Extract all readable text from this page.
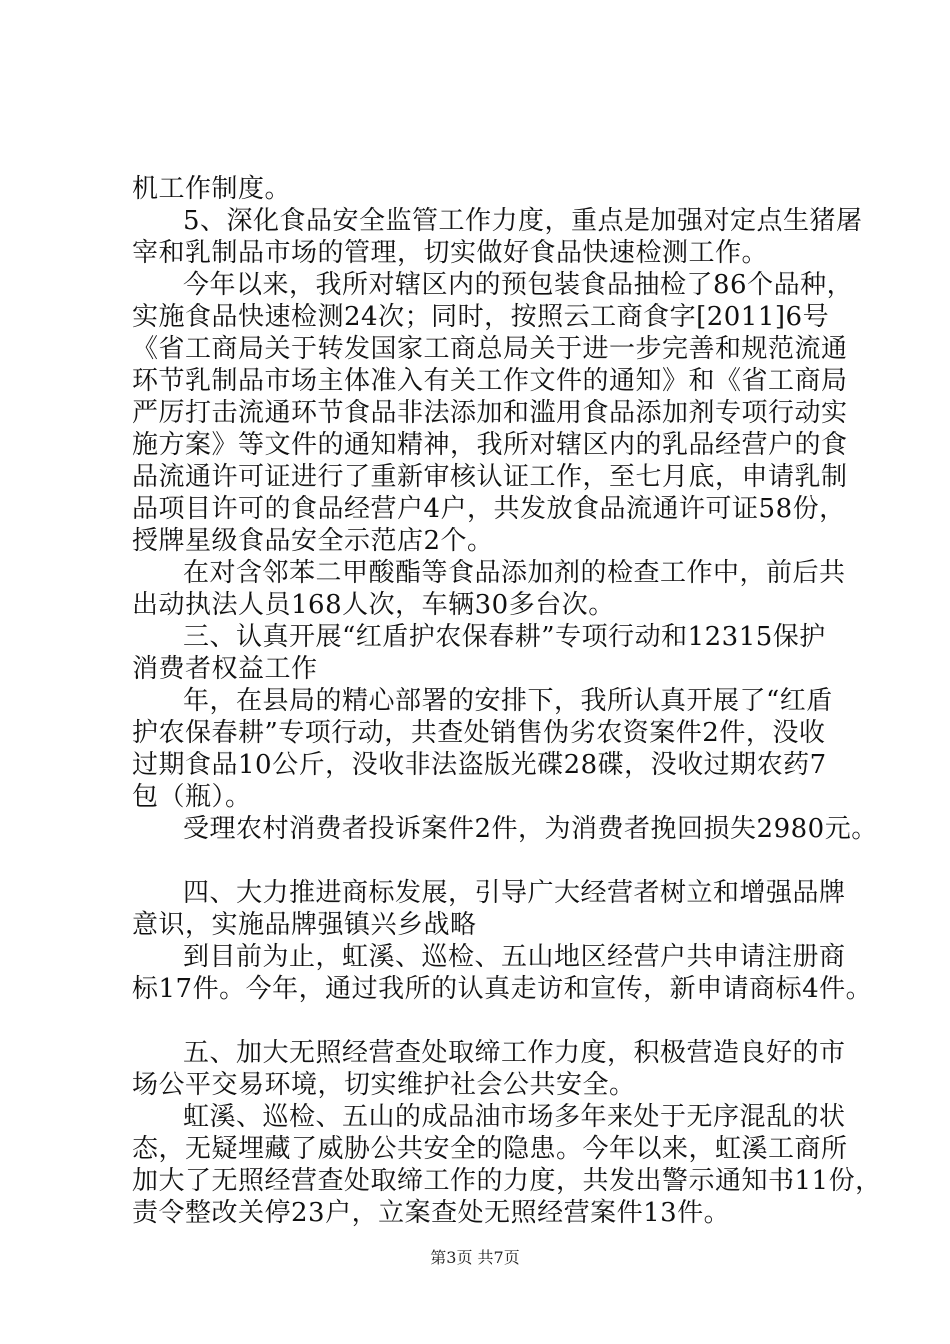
机工作制度。
5、深化食品安全监管工作力度，重点是加强对定点生猪屠
宰和乳制品市场的管理，切实做好食品快速检测工作。
今年以来，我所对辖区内的预包装食品抽检了86个品种，
实施食品快速检测24次；同时，按照云工商食字[2011]6号
《省工商局关于转发国家工商总局关于进一步完善和规范流通
环节乳制品市场主体准入有关工作文件的通知》和《省工商局
严厉打击流通环节食品非法添加和滥用食品添加剂专项行动实
施方案》等文件的通知精神，我所对辖区内的乳品经营户的食
品流通许可证进行了重新审核认证工作，至七月底，申请乳制
品项目许可的食品经营户4户，共发放食品流通许可证58份，
授牌星级食品安全示范店2个。
在对含邻苯二甲酸酯等食品添加剂的检查工作中，前后共
出动执法人员168人次，车辆30多台次。
三、认真开展“红盾护农保春耕”专项行动和12315保护
消费者权益工作
年，在县局的精心部署的安排下，我所认真开展了“红盾
护农保春耕”专项行动，共查处销售伪劣农资案件2件，没收
过期食品10公斤，没收非法盗版光碟28碟，没收过期农药7
包（瓶）。
受理农村消费者投诉案件2件，为消费者挽回损失2980元。
四、大力推进商标发展，引导广大经营者树立和增强品牌
意识，实施品牌强镇兴乡战略
到目前为止，虹溪、巡检、五山地区经营户共申请注册商
标17件。今年，通过我所的认真走访和宣传，新申请商标4件。
五、加大无照经营查处取缔工作力度，积极营造良好的市
场公平交易环境，切实维护社会公共安全。
虹溪、巡检、五山的成品油市场多年来处于无序混乱的状
态，无疑埋藏了威胁公共安全的隐患。今年以来，虹溪工商所
加大了无照经营查处取缔工作的力度，共发出警示通知书11份，
责令整改关停23户，立案查处无照经营案件13件。
第3页 共7页
